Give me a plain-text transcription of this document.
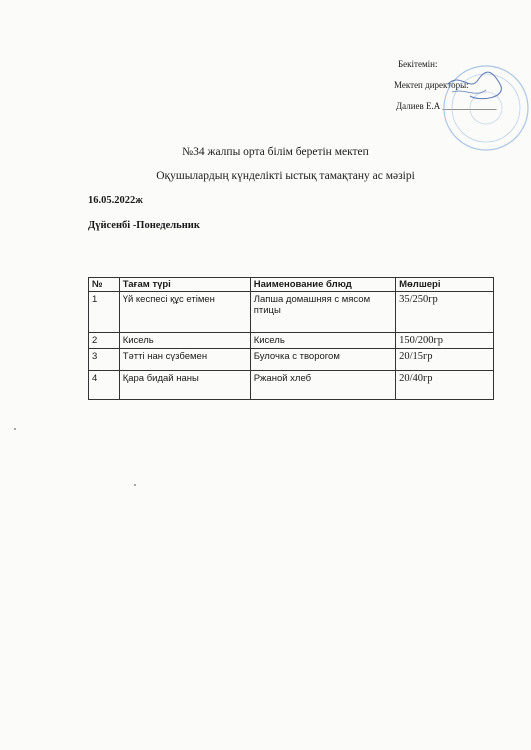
Бекітемін:
Мектеп директоры:
Далиев Е.А ____________
№34 жалпы орта білім беретін мектеп
Оқушылардың күнделікті ыстық тамақтану ас мәзірі
16.05.2022ж
Дүйсенбі -Понедельник
№	Тағам түрі	Наименование блюд	Мөлшері
1	Үй кеспесі құс етімен	Лапша домашняя с мясом птицы	35/250гр
2	Кисель	Кисель	150/200гр
3	Тәтті нан сүзбемен	Булочка с творогом	20/15гр
4	Қара бидай наны	Ржаной хлеб	20/40гр
